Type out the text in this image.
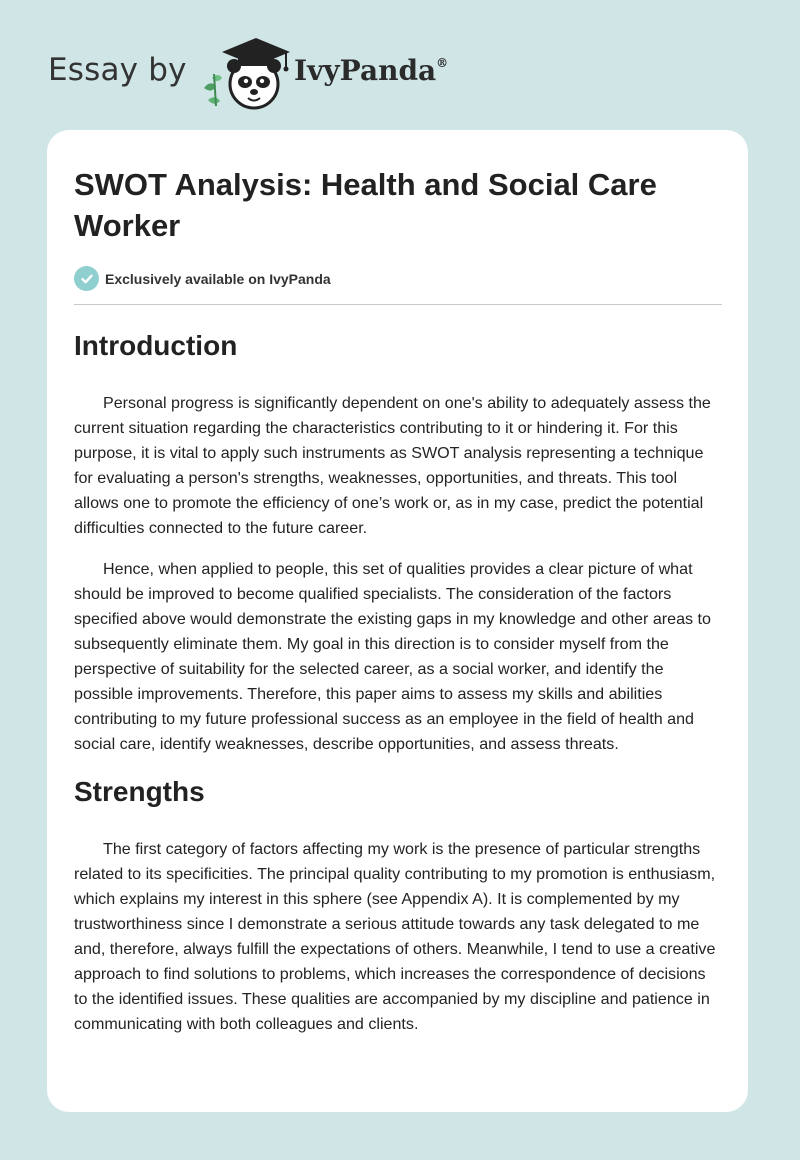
Essay by	IvyPanda®
SWOT Analysis: Health and Social Care Worker
Exclusively available on IvyPanda
Introduction

Personal progress is significantly dependent on one's ability to adequately assess the current situation regarding the characteristics contributing to it or hindering it. For this purpose, it is vital to apply such instruments as SWOT analysis representing a technique for evaluating a person's strengths, weaknesses, opportunities, and threats. This tool allows one to promote the efficiency of one’s work or, as in my case, predict the potential difficulties connected to the future career.

Hence, when applied to people, this set of qualities provides a clear picture of what should be improved to become qualified specialists. The consideration of the factors specified above would demonstrate the existing gaps in my knowledge and other areas to subsequently eliminate them. My goal in this direction is to consider myself from the perspective of suitability for the selected career, as a social worker, and identify the possible improvements. Therefore, this paper aims to assess my skills and abilities contributing to my future professional success as an employee in the field of health and social care, identify weaknesses, describe opportunities, and assess threats.

Strengths

The first category of factors affecting my work is the presence of particular strengths related to its specificities. The principal quality contributing to my promotion is enthusiasm, which explains my interest in this sphere (see Appendix A). It is complemented by my trustworthiness since I demonstrate a serious attitude towards any task delegated to me and, therefore, always fulfill the expectations of others. Meanwhile, I tend to use a creative approach to find solutions to problems, which increases the correspondence of decisions to the identified issues. These qualities are accompanied by my discipline and patience in communicating with both colleagues and clients.
